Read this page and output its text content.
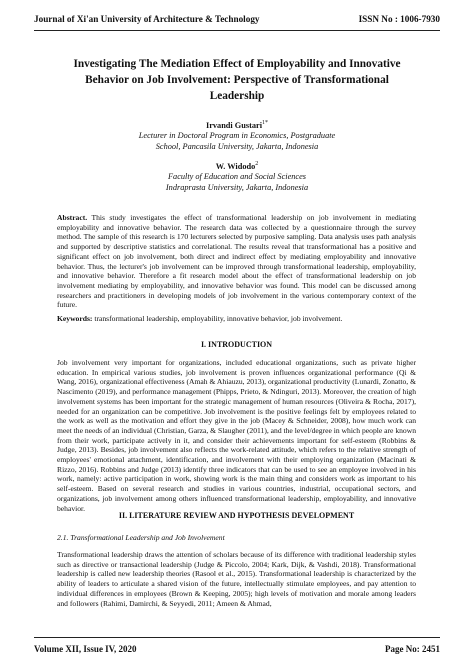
Journal of Xi'an University of Architecture & Technology	ISSN No : 1006-7930
Investigating The Mediation Effect of Employability and Innovative Behavior on Job Involvement: Perspective of Transformational Leadership
Irvandi Gustari$^{1*}$
Lecturer in Doctoral Program in Economics, Postgraduate
School, Pancasila University, Jakarta, Indonesia
W. Widodo$^2$
Faculty of Education and Social Sciences
Indraprasta University, Jakarta, Indonesia
Abstract. This study investigates the effect of transformational leadership on job involvement in mediating employability and innovative behavior. The research data was collected by a questionnaire through the survey method. The sample of this research is 170 lecturers selected by purposive sampling. Data analysis uses path analysis and supported by descriptive statistics and correlational. The results reveal that transformational has a positive and significant effect on job involvement, both direct and indirect effect by mediating employability and innovative behavior. Thus, the lecturer's job involvement can be improved through transformational leadership, employability, and innovative behavior. Therefore a fit research model about the effect of transformational leadership on job involvement mediating by employability, and innovative behavior was found. This model can be discussed among researchers and practitioners in developing models of job involvement in the various contemporary context of the future.
Keywords: transformational leadership, employability, innovative behavior, job involvement.
I. INTRODUCTION
Job involvement very important for organizations, included educational organizations, such as private higher education. In empirical various studies, job involvement is proven influences organizational performance (Qi & Wang, 2016), organizational effectiveness (Amah & Ahiauzu, 2013), organizational productivity (Lunardi, Zonatto, & Nascimento (2019), and performance management (Phipps, Prieto, & Ndinguri, 2013). Moreover, the creation of high involvement systems has been important for the strategic management of human resources (Oliveira & Rocha, 2017), needed for an organization can be competitive. Job involvement is the positive feelings felt by employees related to the work as well as the motivation and effort they give in the job (Macey & Schneider, 2008), how much work can meet the needs of an individual (Christian, Garza, & Slaugher (2011), and the level/degree in which people are known from their work, participate actively in it, and consider their achievements important for self-esteem (Robbins & Judge, 2013). Besides, job involvement also reflects the work-related attitude, which refers to the relative strength of employees' emotional attachment, identification, and involvement with their employing organization (Macinati & Rizzo, 2016). Robbins and Judge (2013) identify three indicators that can be used to see an employee involved in his work, namely: active participation in work, showing work is the main thing and considers work as important to his self-esteem. Based on several research and studies in various countries, industrial, occupational sectors, and organizations, job involvement among others influenced transformational leadership, employability, and innovative behavior.
II. LITERATURE REVIEW AND HYPOTHESIS DEVELOPMENT
2.1. Transformational Leadership and Job Involvement
Transformational leadership draws the attention of scholars because of its difference with traditional leadership styles such as directive or transactional leadership (Judge & Piccolo, 2004; Kark, Dijk, & Vashdi, 2018). Transformational leadership is called new leadership theories (Rasool et al., 2015). Transformational leadership is characterized by the ability of leaders to articulate a shared vision of the future, intellectually stimulate employees, and pay attention to individual differences in employees (Brown & Keeping, 2005); high levels of motivation and morale among leaders and followers (Rahimi, Damirchi, & Seyyedi, 2011; Ameen & Ahmad,
Volume XII, Issue IV, 2020	Page No: 2451
